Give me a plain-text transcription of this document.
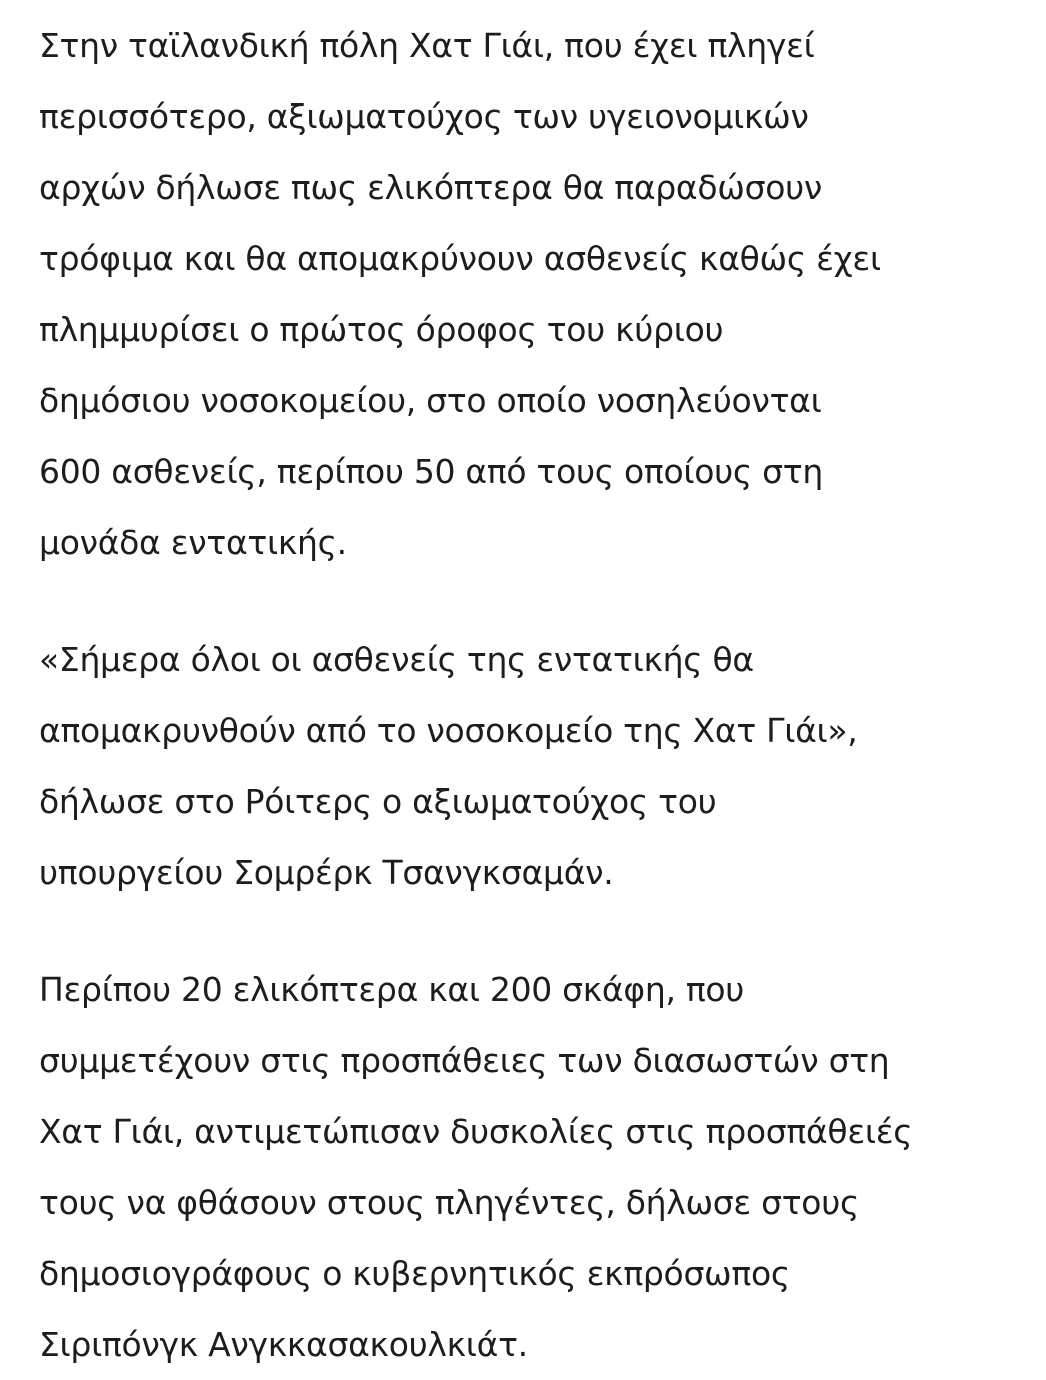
Στην ταϊλανδική πόλη Χατ Γιάι, που έχει πληγεί
περισσότερο, αξιωματούχος των υγειονομικών
αρχών δήλωσε πως ελικόπτερα θα παραδώσουν
τρόφιμα και θα απομακρύνουν ασθενείς καθώς έχει
πλημμυρίσει ο πρώτος όροφος του κύριου
δημόσιου νοσοκομείου, στο οποίο νοσηλεύονται
600 ασθενείς, περίπου 50 από τους οποίους στη
μονάδα εντατικής.

«Σήμερα όλοι οι ασθενείς της εντατικής θα
απομακρυνθούν από το νοσοκομείο της Χατ Γιάι»,
δήλωσε στο Ρόιτερς ο αξιωματούχος του
υπουργείου Σομρέρκ Τσανγκσαμάν.

Περίπου 20 ελικόπτερα και 200 σκάφη, που
συμμετέχουν στις προσπάθειες των διασωστών στη
Χατ Γιάι, αντιμετώπισαν δυσκολίες στις προσπάθειές
τους να φθάσουν στους πληγέντες, δήλωσε στους
δημοσιογράφους ο κυβερνητικός εκπρόσωπος
Σιριπόνγκ Ανγκκασακουλκιάτ.
